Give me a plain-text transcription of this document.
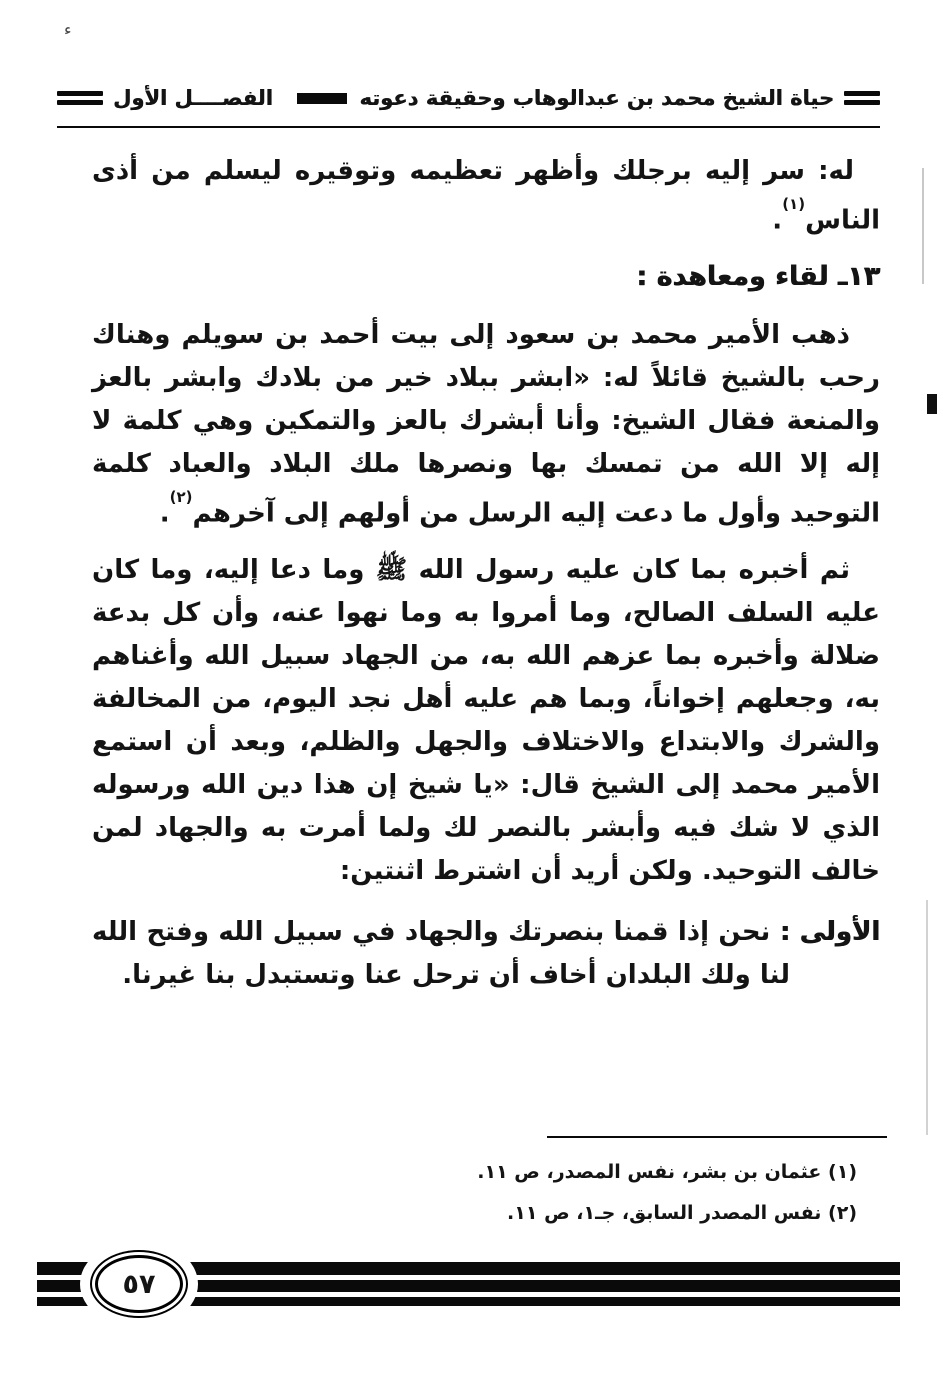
ء
الفصــــل الأول	حياة الشيخ محمد بن عبدالوهاب وحقيقة دعوته

له: سر إليه برجلك وأظهر تعظيمه وتوقيره ليسلم من أذى الناس$^{(١)}$.

١٣ـ لقاء ومعاهدة :

ذهب الأمير محمد بن سعود إلى بيت أحمد بن سويلم وهناك رحب بالشيخ قائلاً له: «ابشر ببلاد خير من بلادك وابشر بالعز والمنعة فقال الشيخ: وأنا أبشرك بالعز والتمكين وهي كلمة لا إله إلا الله من تمسك بها ونصرها ملك البلاد والعباد كلمة التوحيد وأول ما دعت إليه الرسل من أولهم إلى آخرهم$^{(٢)}$.

ثم أخبره بما كان عليه رسول الله ﷺ وما دعا إليه، وما كان عليه السلف الصالح، وما أمروا به وما نهوا عنه، وأن كل بدعة ضلالة وأخبره بما عزهم الله به، من الجهاد سبيل الله وأغناهم به، وجعلهم إخواناً، وبما هم عليه أهل نجد اليوم، من المخالفة والشرك والابتداع والاختلاف والجهل والظلم، وبعد أن استمع الأمير محمد إلى الشيخ قال: «يا شيخ إن هذا دين الله ورسوله الذي لا شك فيه وأبشر بالنصر لك ولما أمرت به والجهاد لمن خالف التوحيد. ولكن أريد أن اشترط اثنتين:

الأولى : نحن إذا قمنا بنصرتك والجهاد في سبيل الله وفتح الله لنا ولك البلدان أخاف أن ترحل عنا وتستبدل بنا غيرنا.

(١) عثمان بن بشر، نفس المصدر، ص ١١.

(٢) نفس المصدر السابق، جـ١، ص ١١.

٥٧
